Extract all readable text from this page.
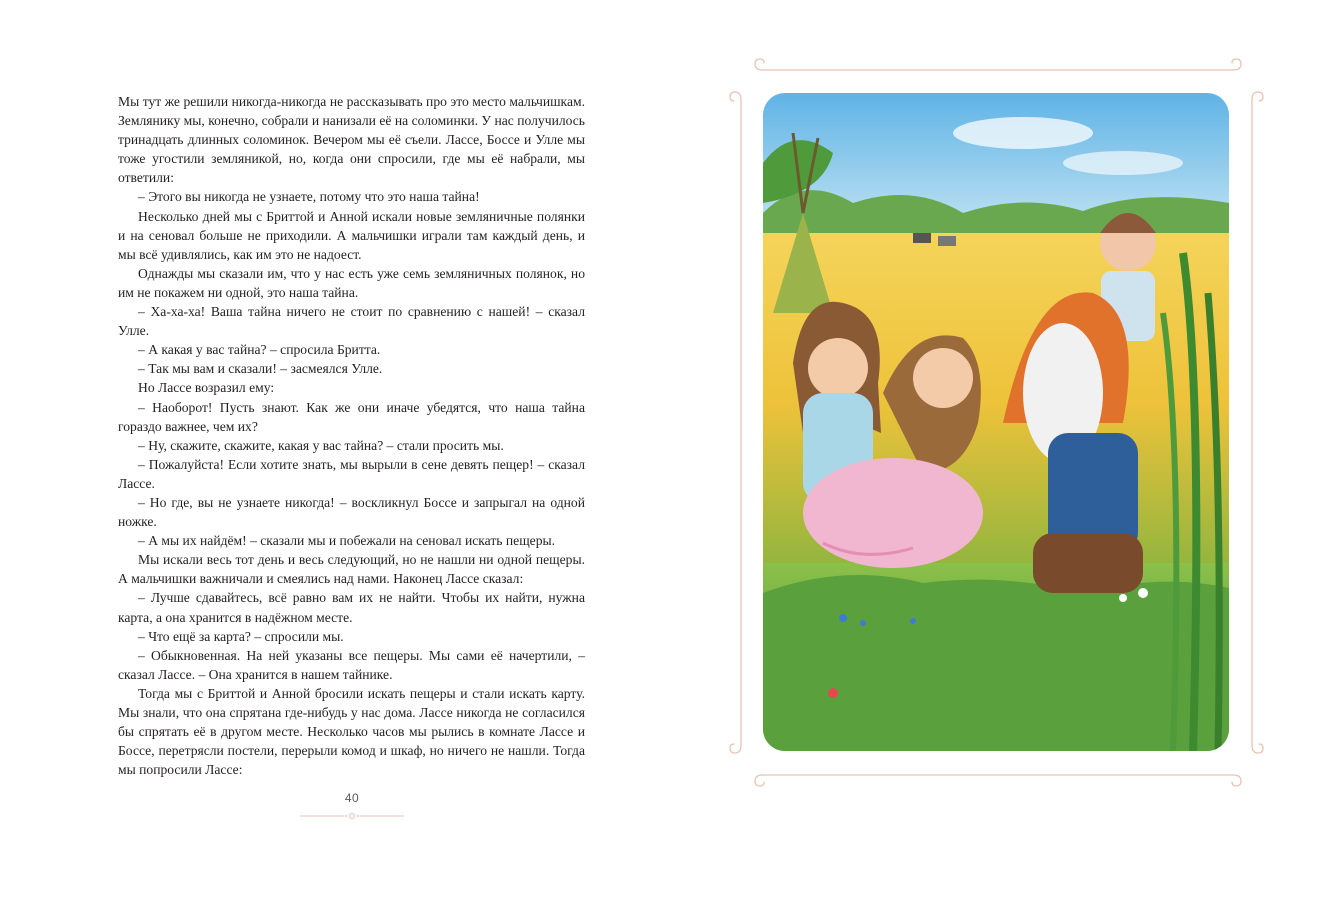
Мы тут же решили никогда-никогда не рассказывать про это место мальчишкам. Землянику мы, конечно, собрали и нанизали её на соломинки. У нас получилось тринадцать длинных соломинок. Вечером мы её съели. Лассе, Боссе и Улле мы тоже угостили земляникой, но, когда они спросили, где мы её набрали, мы ответили:

– Этого вы никогда не узнаете, потому что это наша тайна!

Несколько дней мы с Бриттой и Анной искали новые земляничные полянки и на сеновал больше не приходили. А мальчишки играли там каждый день, и мы всё удивлялись, как им это не надоест.

Однажды мы сказали им, что у нас есть уже семь земляничных полянок, но им не покажем ни одной, это наша тайна.

– Ха-ха-ха! Ваша тайна ничего не стоит по сравнению с нашей! – сказал Улле.

– А какая у вас тайна? – спросила Бритта.

– Так мы вам и сказали! – засмеялся Улле.

Но Лассе возразил ему:

– Наоборот! Пусть знают. Как же они иначе убедятся, что наша тайна гораздо важнее, чем их?

– Ну, скажите, скажите, какая у вас тайна? – стали просить мы.

– Пожалуйста! Если хотите знать, мы вырыли в сене девять пещер! – сказал Лассе.

– Но где, вы не узнаете никогда! – воскликнул Боссе и запрыгал на одной ножке.

– А мы их найдём! – сказали мы и побежали на сеновал искать пещеры.

Мы искали весь тот день и весь следующий, но не нашли ни одной пещеры. А мальчишки важничали и смеялись над нами. Наконец Лассе сказал:

– Лучше сдавайтесь, всё равно вам их не найти. Чтобы их найти, нужна карта, а она хранится в надёжном месте.

– Что ещё за карта? – спросили мы.

– Обыкновенная. На ней указаны все пещеры. Мы сами её начертили, – сказал Лассе. – Она хранится в нашем тайнике.

Тогда мы с Бриттой и Анной бросили искать пещеры и стали искать карту. Мы знали, что она спрятана где-нибудь у нас дома. Лассе никогда не согласился бы спрятать её в другом месте. Несколько часов мы рылись в комнате Лассе и Боссе, перетрясли постели, перерыли комод и шкаф, но ничего не нашли. Тогда мы попросили Лассе:

40
